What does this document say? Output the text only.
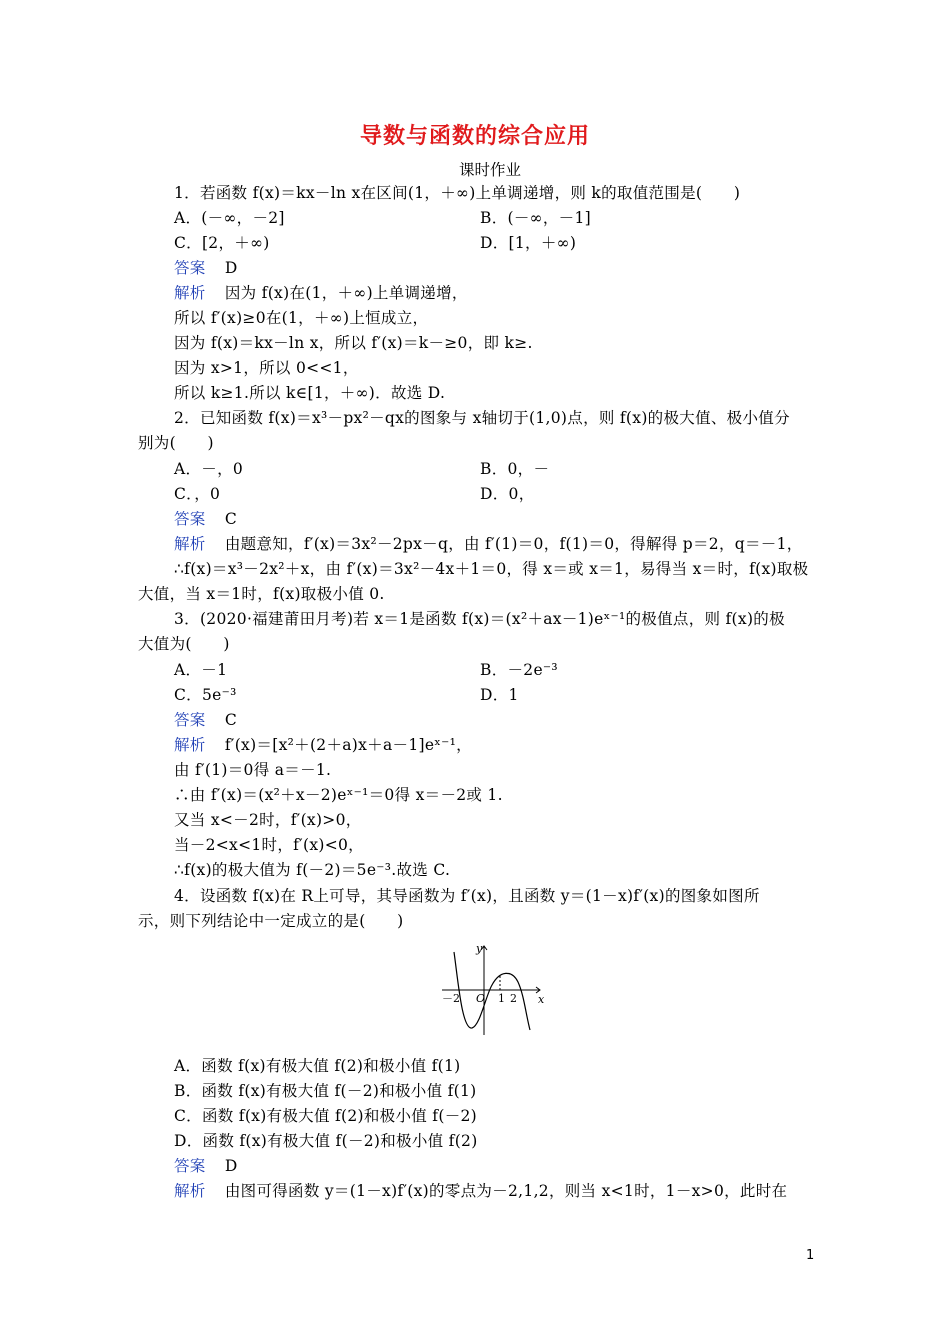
导数与函数的综合应用
课时作业
1．若函数 f(x)＝kx－ln x在区间(1，＋∞)上单调递增，则 k的取值范围是(　　)
A．(－∞，－2]	B．(－∞，－1]
C．[2，＋∞)	D．[1，＋∞)
答案 D
解析 因为 f(x)在(1，＋∞)上单调递增，
所以 f′(x)≥0在(1，＋∞)上恒成立，
因为 f(x)＝kx－ln x，所以 f′(x)＝k－≥0，即 k≥.
因为 x>1，所以 0<<1，
所以 k≥1.所以 k∈[1，＋∞)．故选 D.
2．已知函数 f(x)＝x³－px²－qx的图象与 x轴切于(1,0)点，则 f(x)的极大值、极小值分
别为(　　)
A．－，0	B．0，－
C．，0	D．0，
答案 C
解析 由题意知，f′(x)＝3x²－2px－q，由 f′(1)＝0，f(1)＝0，得解得 p＝2，q＝－1，
∴f(x)＝x³－2x²＋x，由 f′(x)＝3x²－4x＋1＝0，得 x＝或 x＝1，易得当 x＝时，f(x)取极
大值，当 x＝1时，f(x)取极小值 0.
3．(2020·福建莆田月考)若 x＝1是函数 f(x)＝(x²＋ax－1)eˣ⁻¹的极值点，则 f(x)的极
大值为(　　)
A．－1	B．－2e⁻³
C．5e⁻³	D．1
答案 C
解析 f′(x)＝[x²＋(2＋a)x＋a－1]eˣ⁻¹，
由 f′(1)＝0得 a＝－1.
∴由 f′(x)＝(x²＋x－2)eˣ⁻¹＝0得 x＝－2或 1.
又当 x<－2时，f′(x)>0，
当－2<x<1时，f′(x)<0，
∴f(x)的极大值为 f(－2)＝5e⁻³.故选 C.
4．设函数 f(x)在 R上可导，其导函数为 f′(x)，且函数 y＝(1－x)f′(x)的图象如图所
示，则下列结论中一定成立的是(　　)
y
x
O
－2	1 2
A．函数 f(x)有极大值 f(2)和极小值 f(1)
B．函数 f(x)有极大值 f(－2)和极小值 f(1)
C．函数 f(x)有极大值 f(2)和极小值 f(－2)
D．函数 f(x)有极大值 f(－2)和极小值 f(2)
答案 D
解析 由图可得函数 y＝(1－x)f′(x)的零点为－2,1,2，则当 x<1时，1－x>0，此时在
1
